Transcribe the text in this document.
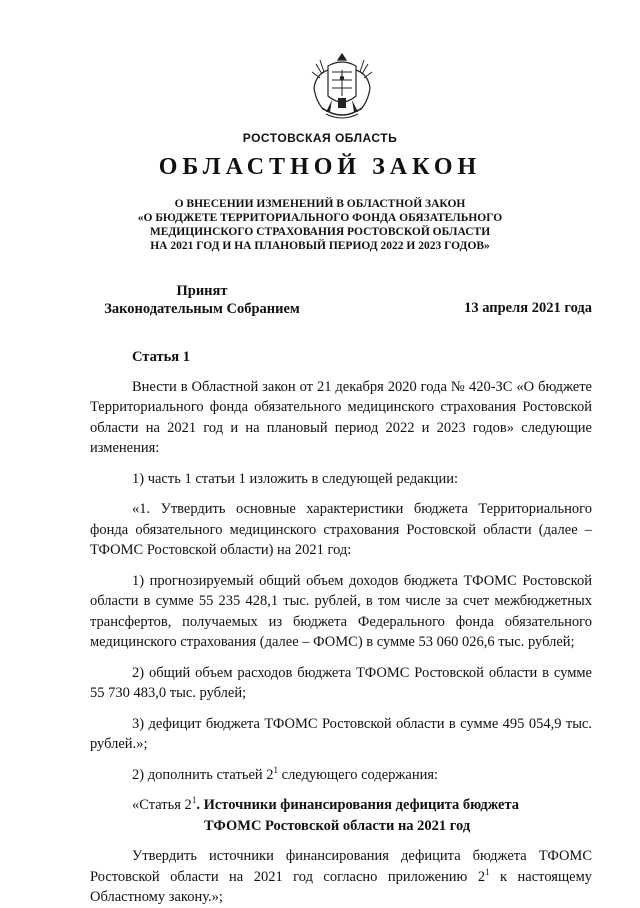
РОСТОВСКАЯ ОБЛАСТЬ
ОБЛАСТНОЙ ЗАКОН
О ВНЕСЕНИИ ИЗМЕНЕНИЙ В ОБЛАСТНОЙ ЗАКОН
«О БЮДЖЕТЕ ТЕРРИТОРИАЛЬНОГО ФОНДА ОБЯЗАТЕЛЬНОГО
МЕДИЦИНСКОГО СТРАХОВАНИЯ РОСТОВСКОЙ ОБЛАСТИ
НА 2021 ГОД И НА ПЛАНОВЫЙ ПЕРИОД 2022 И 2023 ГОДОВ»
Принят
Законодательным Собранием	13 апреля 2021 года

Статья 1

Внести в Областной закон от 21 декабря 2020 года № 420-ЗС «О бюджете Территориального фонда обязательного медицинского страхования Ростовской области на 2021 год и на плановый период 2022 и 2023 годов» следующие изменения:

1) часть 1 статьи 1 изложить в следующей редакции:

«1. Утвердить основные характеристики бюджета Территориального фонда обязательного медицинского страхования Ростовской области (далее – ТФОМС Ростовской области) на 2021 год:

1) прогнозируемый общий объем доходов бюджета ТФОМС Ростовской области в сумме 55 235 428,1 тыс. рублей, в том числе за счет межбюджетных трансфертов, получаемых из бюджета Федерального фонда обязательного медицинского страхования (далее – ФОМС) в сумме 53 060 026,6 тыс. рублей;

2) общий объем расходов бюджета ТФОМС Ростовской области в сумме 55 730 483,0 тыс. рублей;

3) дефицит бюджета ТФОМС Ростовской области в сумме 495 054,9 тыс. рублей.»;

2) дополнить статьей $2^1$ следующего содержания:

«Статья $2^1$. Источники финансирования дефицита бюджета

ТФОМС Ростовской области на 2021 год

Утвердить источники финансирования дефицита бюджета ТФОМС Ростовской области на 2021 год согласно приложению $2^1$ к настоящему Областному закону.»;
